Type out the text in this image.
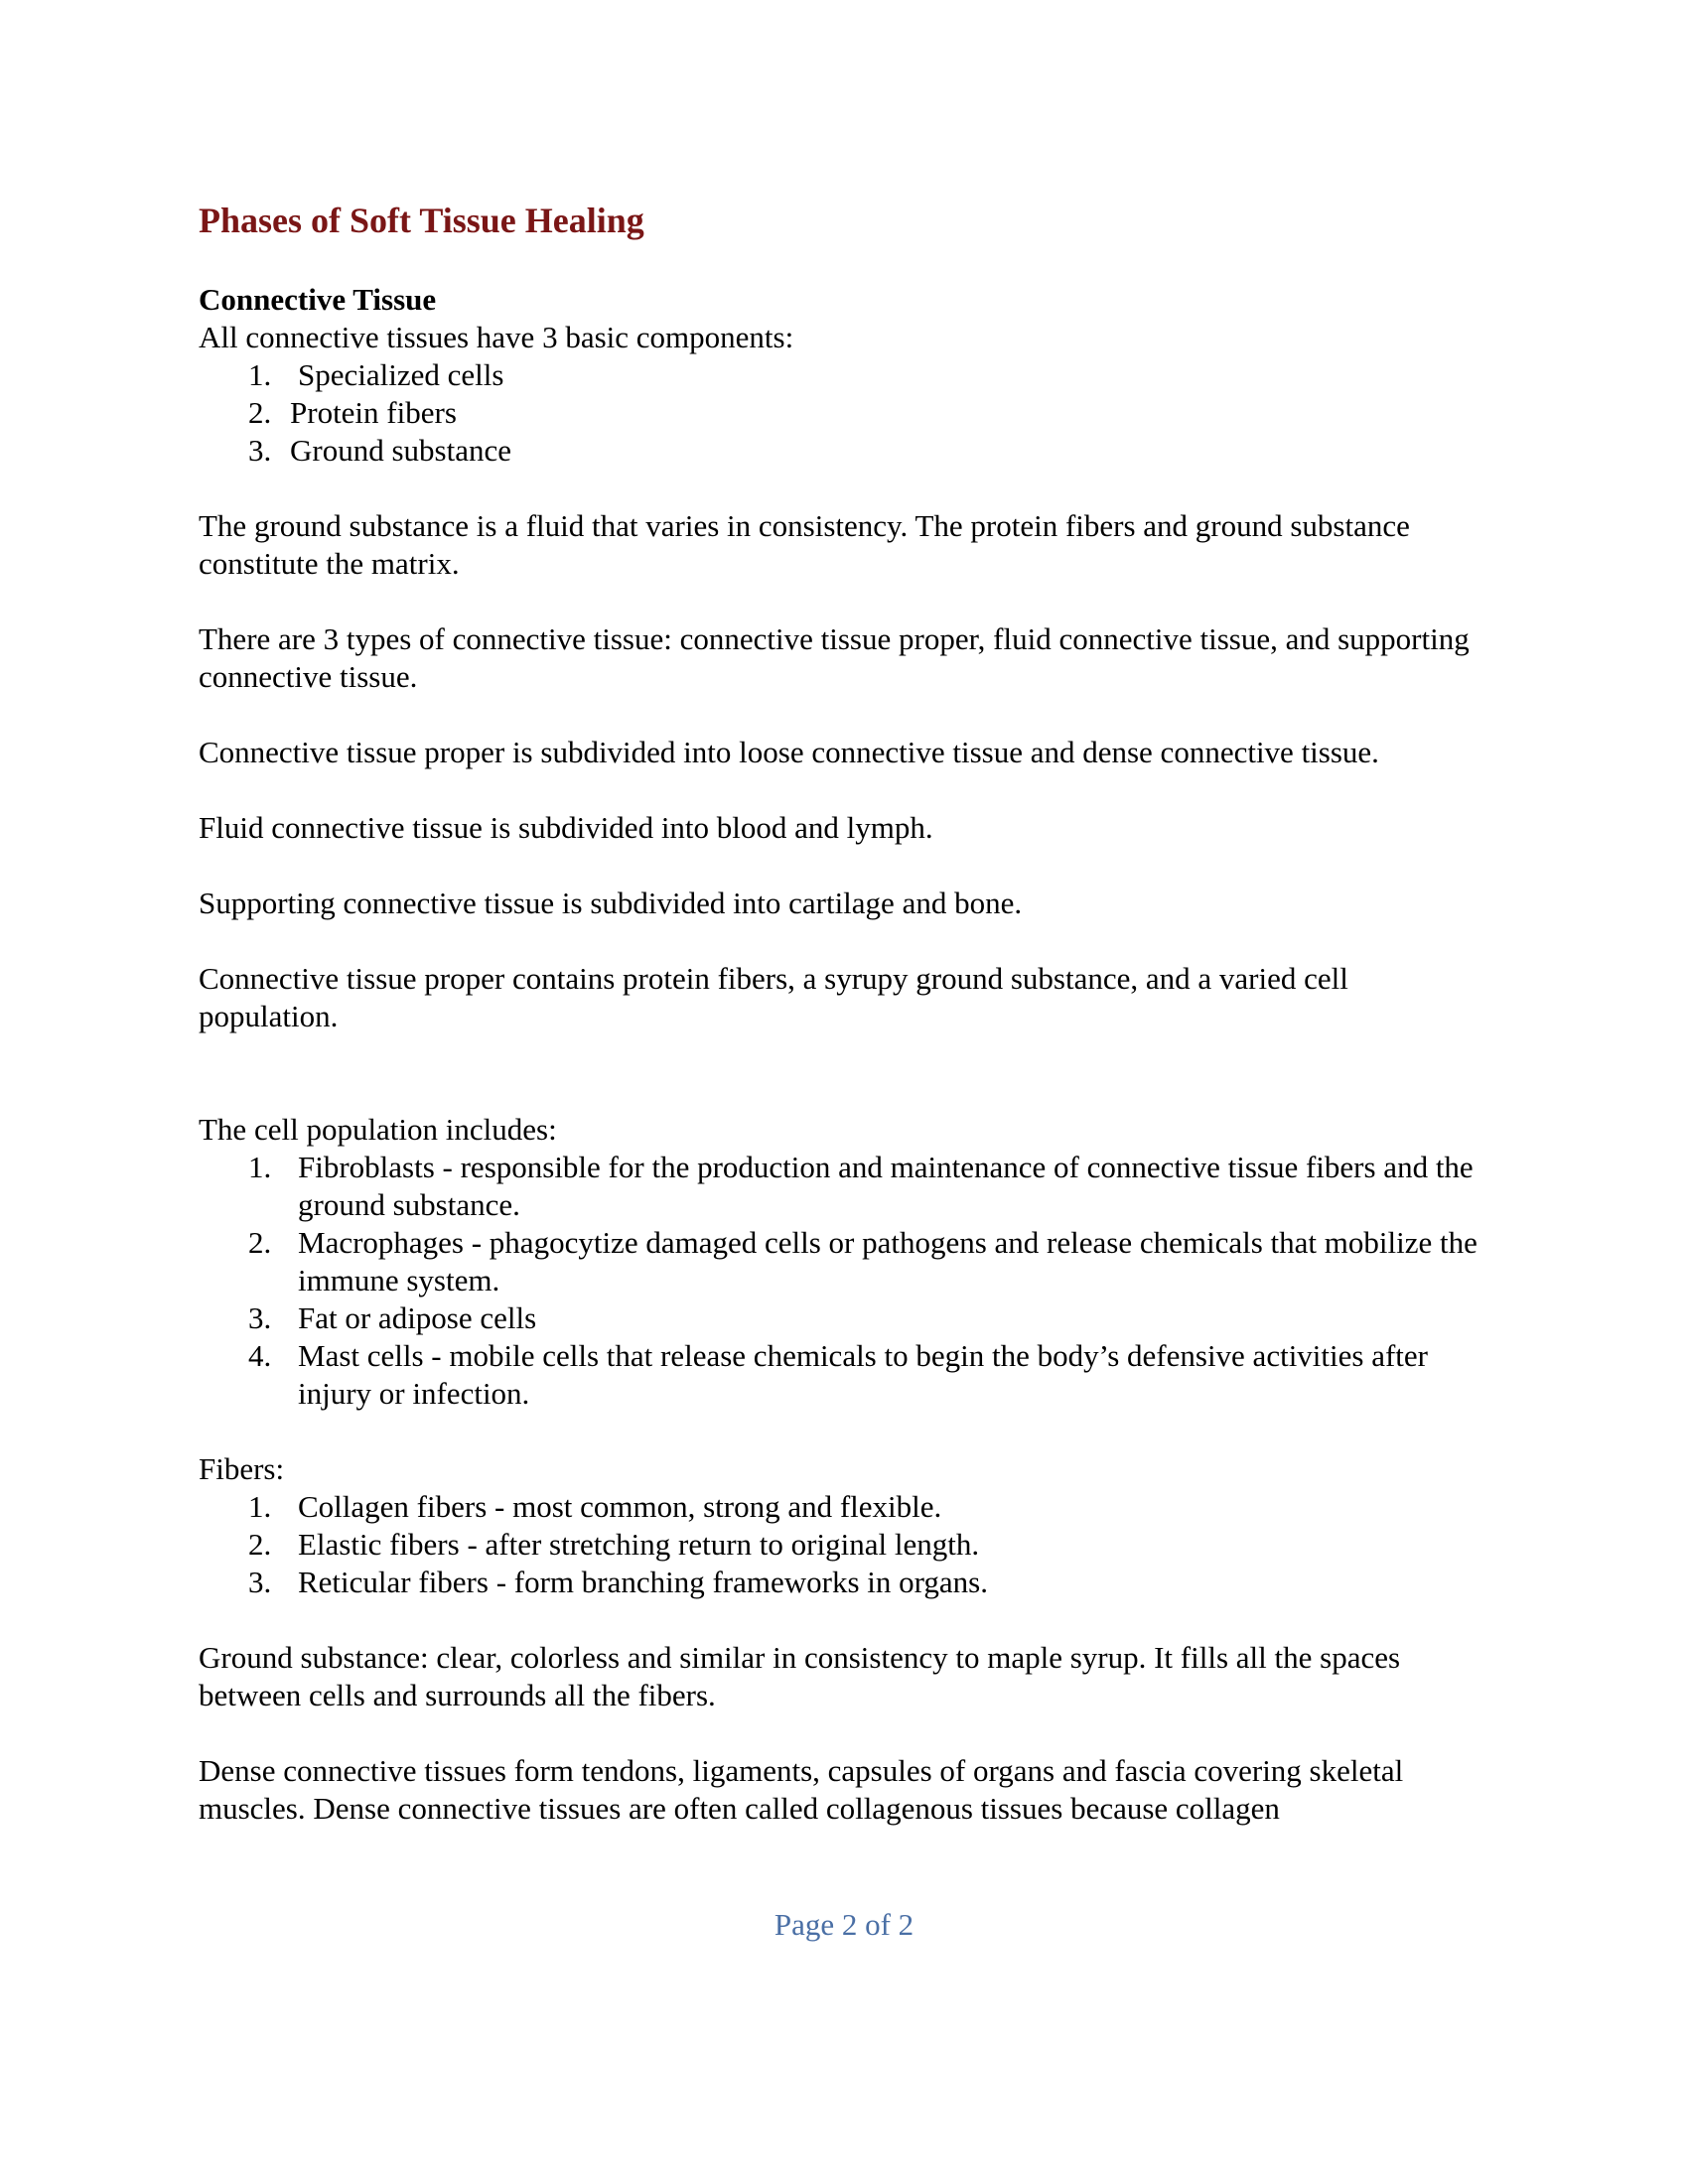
Phases of Soft Tissue Healing

Connective Tissue

All connective tissues have 3 basic components:

1. Specialized cells
2. Protein fibers
3. Ground substance

The ground substance is a fluid that varies in consistency. The protein fibers and ground substance constitute the matrix.

There are 3 types of connective tissue: connective tissue proper, fluid connective tissue, and supporting connective tissue.

Connective tissue proper is subdivided into loose connective tissue and dense connective tissue.

Fluid connective tissue is subdivided into blood and lymph.

Supporting connective tissue is subdivided into cartilage and bone.

Connective tissue proper contains protein fibers, a syrupy ground substance, and a varied cell population.

The cell population includes:

1. Fibroblasts - responsible for the production and maintenance of connective tissue fibers and the ground substance.
2. Macrophages - phagocytize damaged cells or pathogens and release chemicals that mobilize the immune system.
3. Fat or adipose cells
4. Mast cells - mobile cells that release chemicals to begin the body’s defensive activities after injury or infection.

Fibers:

1. Collagen fibers - most common, strong and flexible.
2. Elastic fibers - after stretching return to original length.
3. Reticular fibers - form branching frameworks in organs.

Ground substance: clear, colorless and similar in consistency to maple syrup. It fills all the spaces between cells and surrounds all the fibers.

Dense connective tissues form tendons, ligaments, capsules of organs and fascia covering skeletal muscles. Dense connective tissues are often called collagenous tissues because collagen

Page 2 of 2
